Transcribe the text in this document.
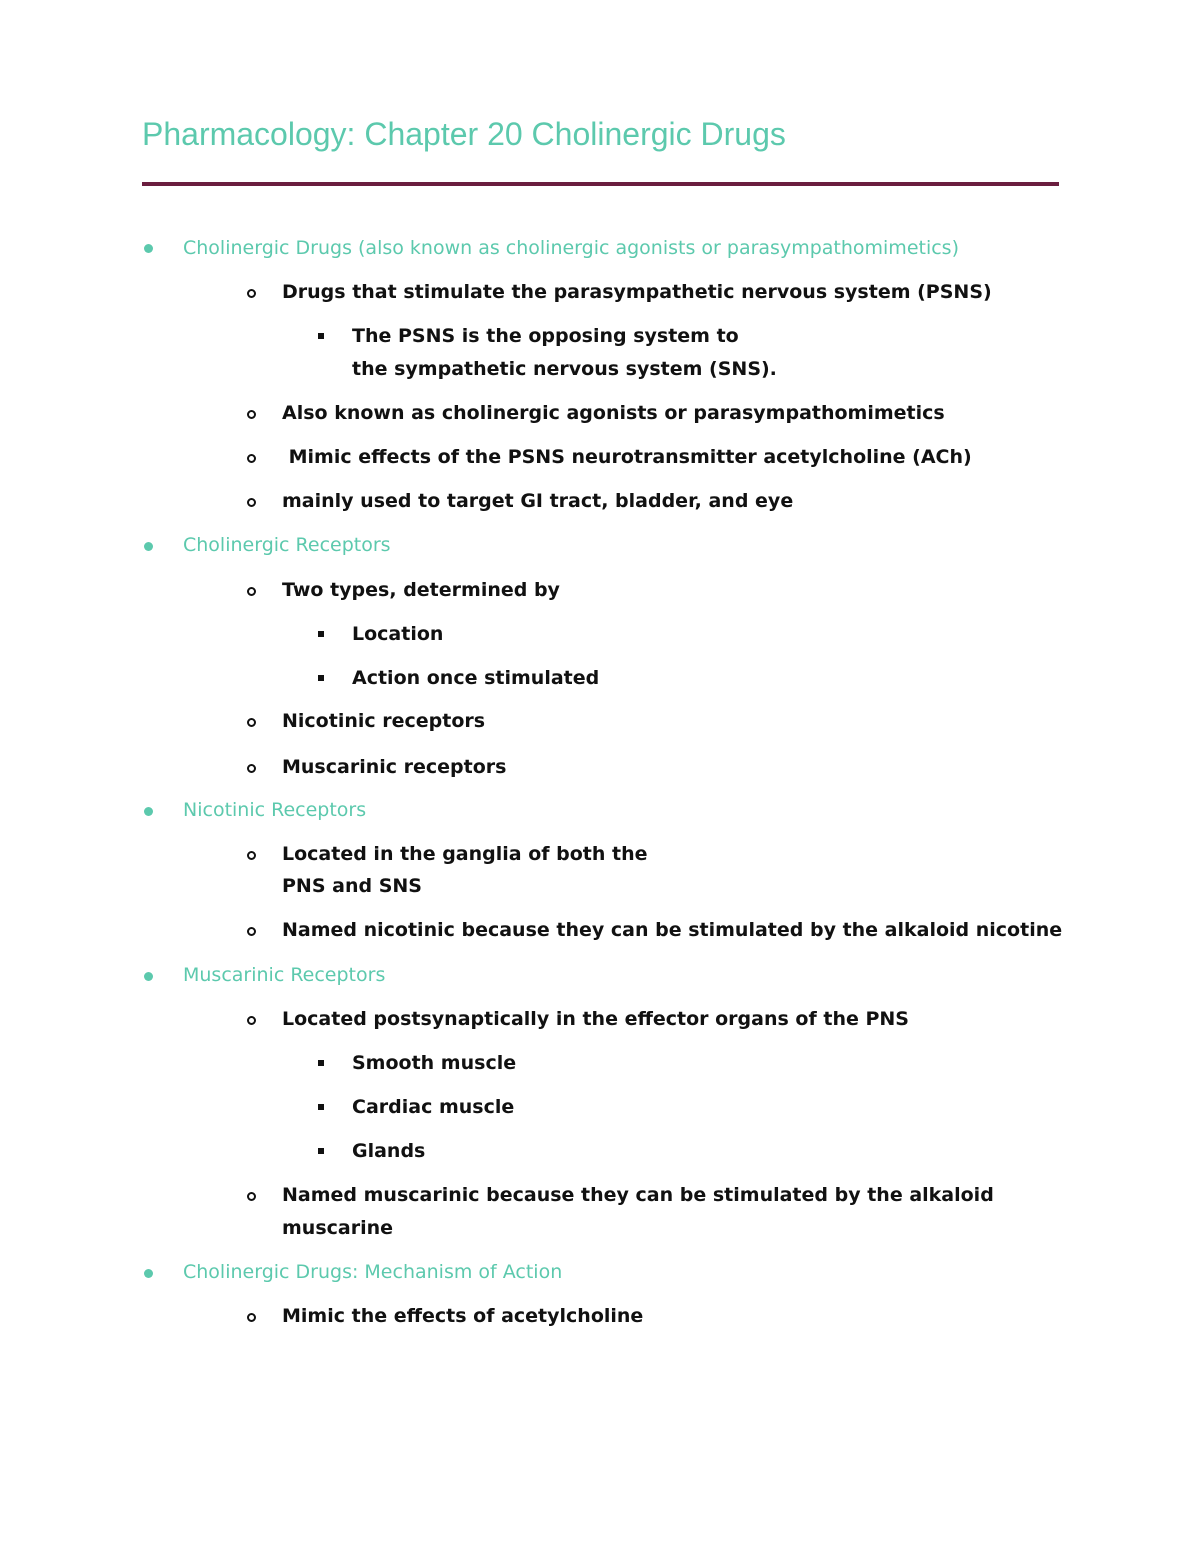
Pharmacology: Chapter 20 Cholinergic Drugs
Cholinergic Drugs (also known as cholinergic agonists or parasympathomimetics)
Drugs that stimulate the parasympathetic nervous system (PSNS)
The PSNS is the opposing system to
the sympathetic nervous system (SNS).
Also known as cholinergic agonists or parasympathomimetics
Mimic effects of the PSNS neurotransmitter acetylcholine (ACh)
mainly used to target GI tract, bladder, and eye
Cholinergic Receptors
Two types, determined by
Location
Action once stimulated
Nicotinic receptors
Muscarinic receptors
Nicotinic Receptors
Located in the ganglia of both the
PNS and SNS
Named nicotinic because they can be stimulated by the alkaloid nicotine
Muscarinic Receptors
Located postsynaptically in the effector organs of the PNS
Smooth muscle
Cardiac muscle
Glands
Named muscarinic because they can be stimulated by the alkaloid
muscarine
Cholinergic Drugs: Mechanism of Action
Mimic the effects of acetylcholine
